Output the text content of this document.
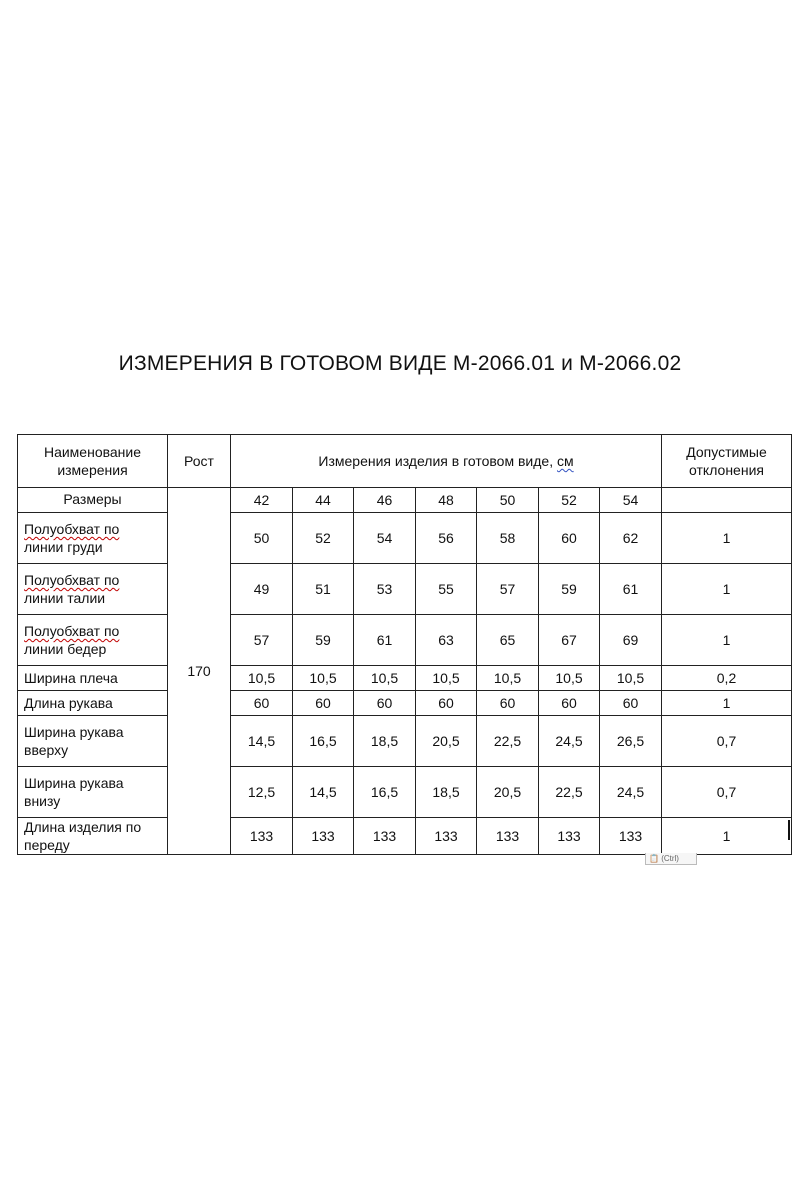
ИЗМЕРЕНИЯ В ГОТОВОМ ВИДЕ М-2066.01 и М-2066.02
Наименование измерения	Рост	Измерения изделия в готовом виде, см							Допустимые отклонения
Размеры	170	42	44	46	48	50	52	54	
Полуобхват по
линии груди		50	52	54	56	58	60	62	1
Полуобхват по
линии талии		49	51	53	55	57	59	61	1
Полуобхват по
линии бедер		57	59	61	63	65	67	69	1
Ширина плеча		10,5	10,5	10,5	10,5	10,5	10,5	10,5	0,2
Длина рукава		60	60	60	60	60	60	60	1
Ширина рукава
вверху		14,5	16,5	18,5	20,5	22,5	24,5	26,5	0,7
Ширина рукава
внизу		12,5	14,5	16,5	18,5	20,5	22,5	24,5	0,7
Длина изделия по
переду		133	133	133	133	133	133	133	1
📋 (Ctrl)
